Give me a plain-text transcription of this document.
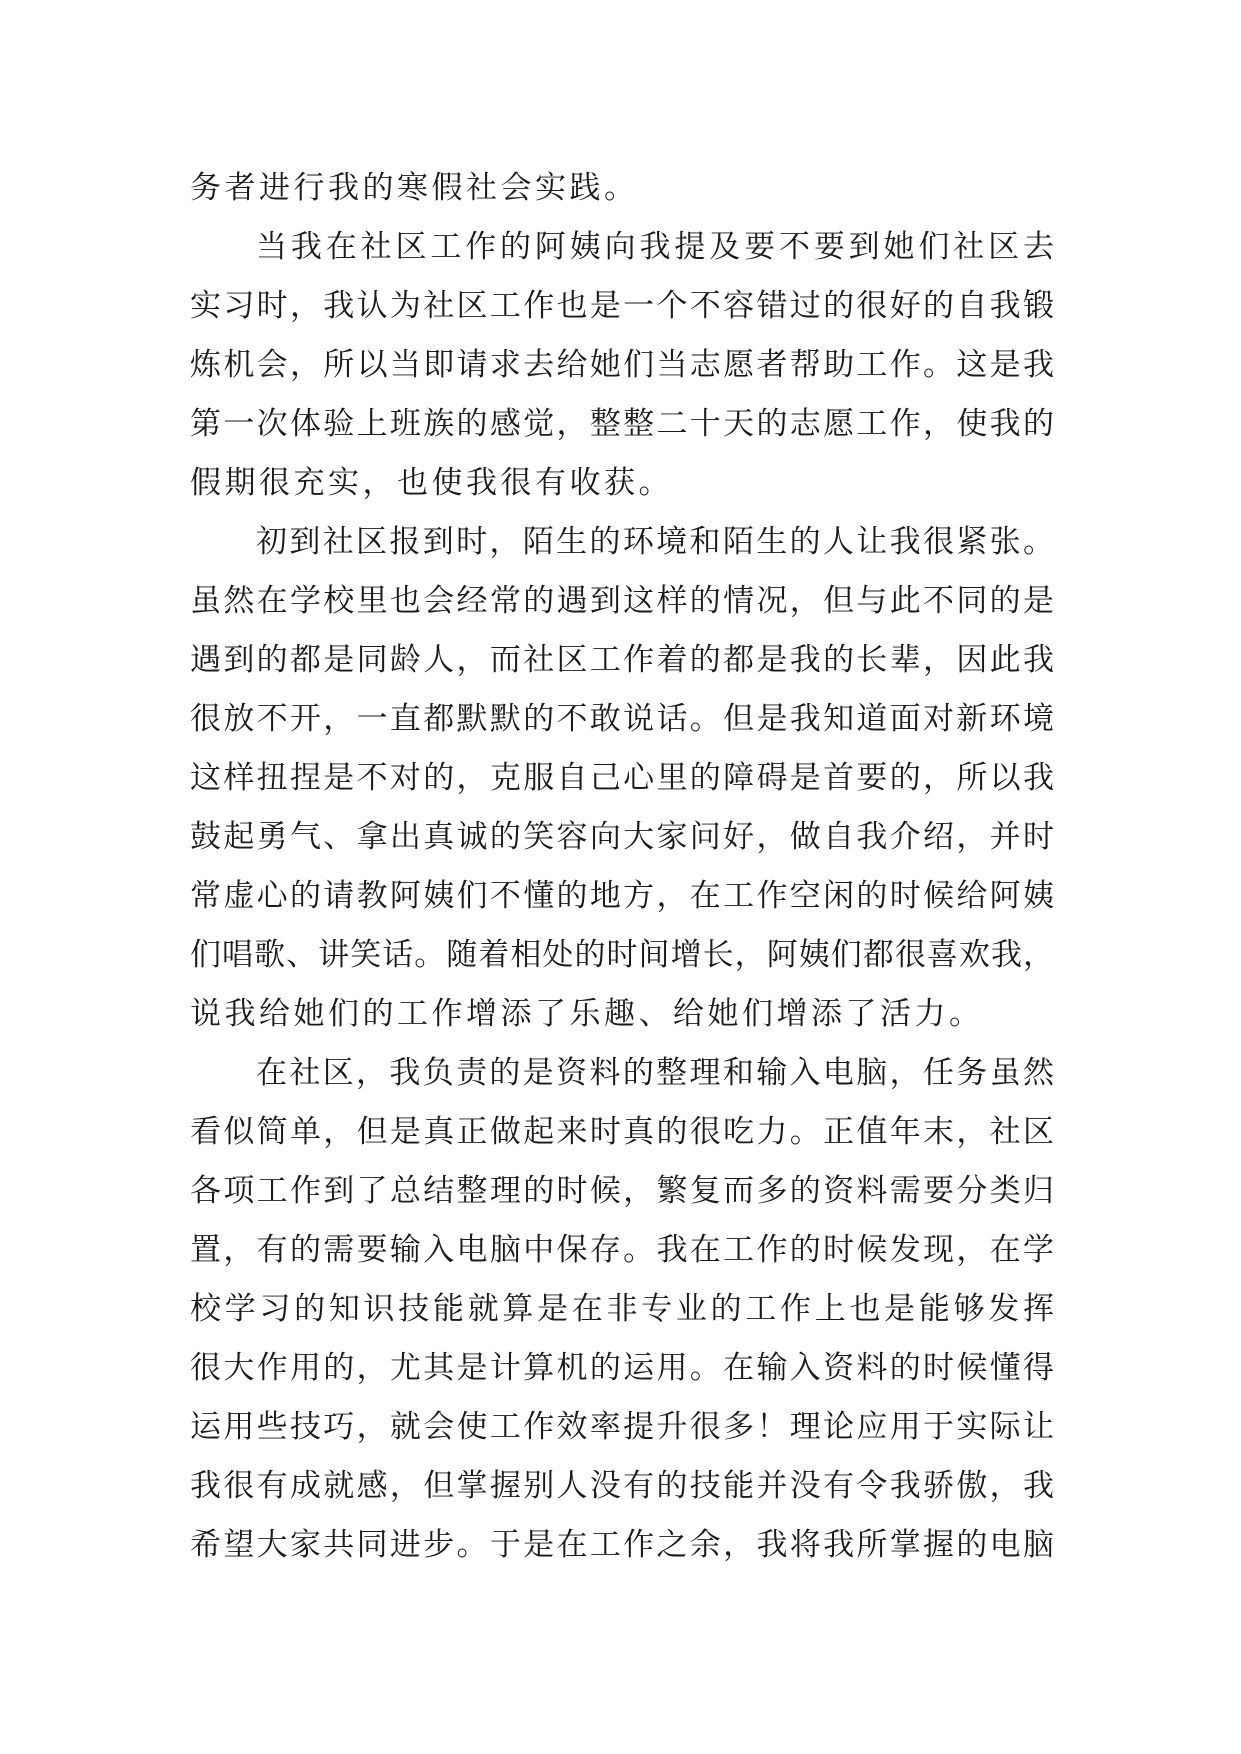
务者进行我的寒假社会实践。
当我在社区工作的阿姨向我提及要不要到她们社区去
实习时，我认为社区工作也是一个不容错过的很好的自我锻
炼机会，所以当即请求去给她们当志愿者帮助工作。这是我
第一次体验上班族的感觉，整整二十天的志愿工作，使我的
假期很充实，也使我很有收获。
初到社区报到时，陌生的环境和陌生的人让我很紧张。
虽然在学校里也会经常的遇到这样的情况，但与此不同的是
遇到的都是同龄人，而社区工作着的都是我的长辈，因此我
很放不开，一直都默默的不敢说话。但是我知道面对新环境
这样扭捏是不对的，克服自己心里的障碍是首要的，所以我
鼓起勇气、拿出真诚的笑容向大家问好，做自我介绍，并时
常虚心的请教阿姨们不懂的地方，在工作空闲的时候给阿姨
们唱歌、讲笑话。随着相处的时间增长，阿姨们都很喜欢我，
说我给她们的工作增添了乐趣、给她们增添了活力。
在社区，我负责的是资料的整理和输入电脑，任务虽然
看似简单，但是真正做起来时真的很吃力。正值年末，社区
各项工作到了总结整理的时候，繁复而多的资料需要分类归
置，有的需要输入电脑中保存。我在工作的时候发现，在学
校学习的知识技能就算是在非专业的工作上也是能够发挥
很大作用的，尤其是计算机的运用。在输入资料的时候懂得
运用些技巧，就会使工作效率提升很多！理论应用于实际让
我很有成就感，但掌握别人没有的技能并没有令我骄傲，我
希望大家共同进步。于是在工作之余，我将我所掌握的电脑
